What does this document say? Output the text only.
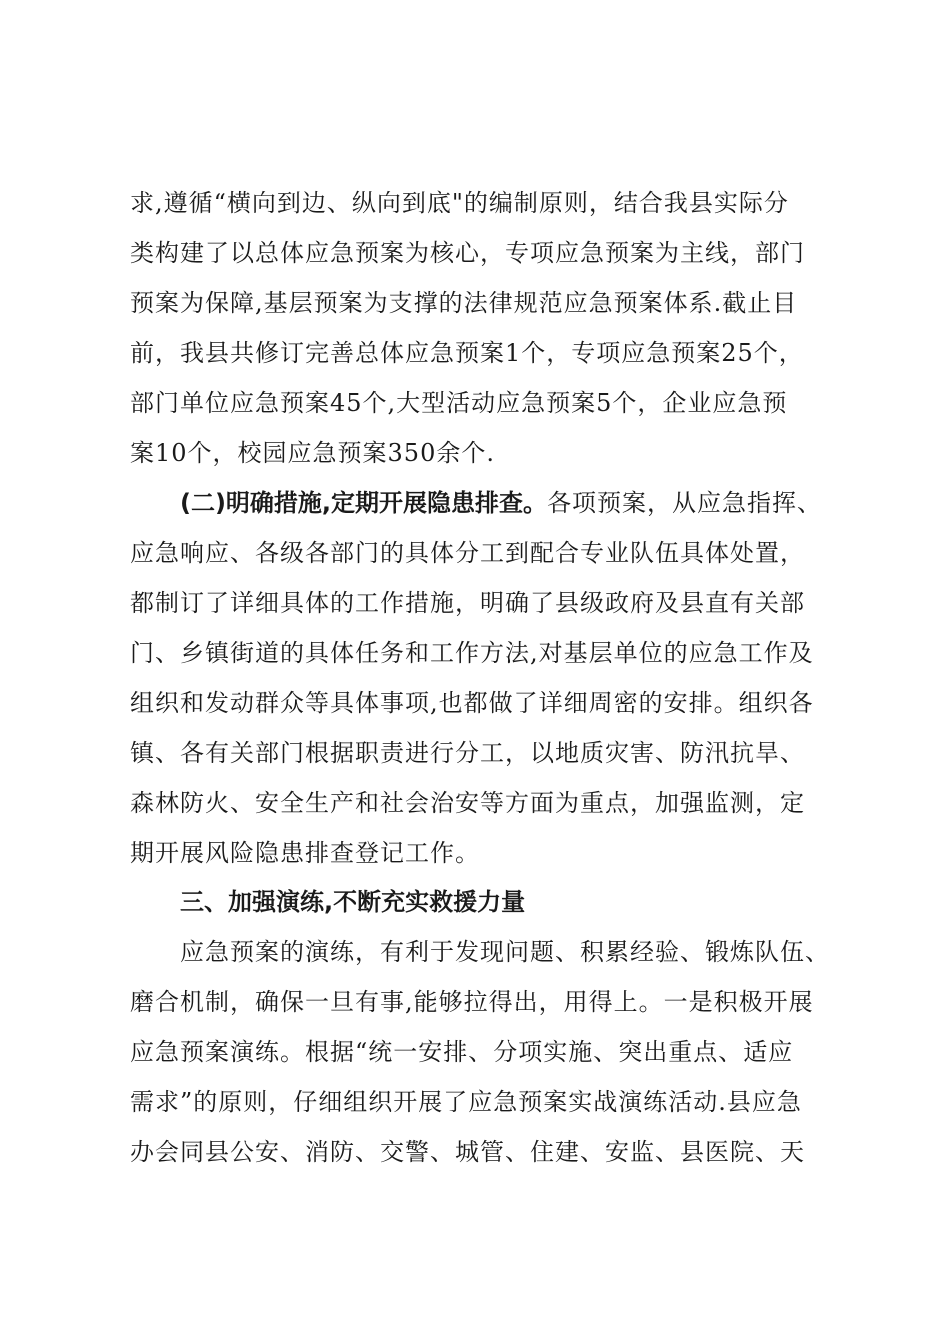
求,遵循“横向到边、纵向到底"的编制原则，结合我县实际分
类构建了以总体应急预案为核心，专项应急预案为主线，部门
预案为保障,基层预案为支撑的法律规范应急预案体系.截止目
前，我县共修订完善总体应急预案1个，专项应急预案25个，
部门单位应急预案45个,大型活动应急预案5个，企业应急预
案10个，校园应急预案350余个.
(二)明确措施,定期开展隐患排查。各项预案，从应急指挥、
应急响应、各级各部门的具体分工到配合专业队伍具体处置，
都制订了详细具体的工作措施，明确了县级政府及县直有关部
门、乡镇街道的具体任务和工作方法,对基层单位的应急工作及
组织和发动群众等具体事项,也都做了详细周密的安排。组织各
镇、各有关部门根据职责进行分工，以地质灾害、防汛抗旱、
森林防火、安全生产和社会治安等方面为重点，加强监测，定
期开展风险隐患排查登记工作。
三、加强演练,不断充实救援力量
应急预案的演练，有利于发现问题、积累经验、锻炼队伍、
磨合机制，确保一旦有事,能够拉得出，用得上。一是积极开展
应急预案演练。根据“统一安排、分项实施、突出重点、适应
需求”的原则，仔细组织开展了应急预案实战演练活动.县应急
办会同县公安、消防、交警、城管、住建、安监、县医院、天
